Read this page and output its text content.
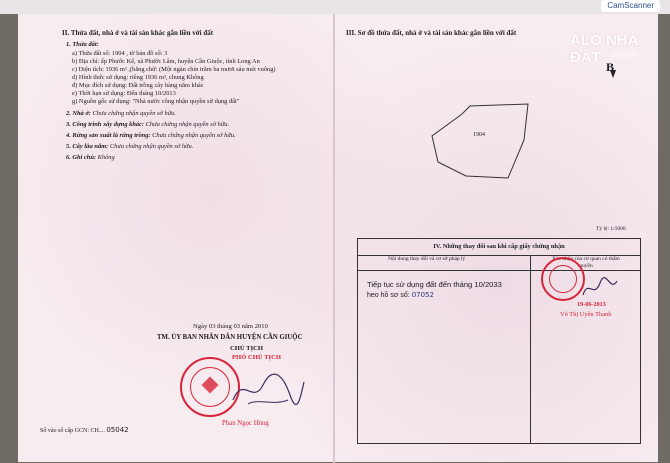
CamScanner
II. Thửa đất, nhà ở và tài sản khác gắn liền với đất
1. Thửa đất:
a) Thửa đất số: 1904 , tờ bản đồ số: 3
b) Địa chỉ: ấp Phước Kế, xã Phước Lâm, huyện Cần Giuộc, tỉnh Long An
c) Diện tích: 1936 m² ,(bằng chữ: (Một ngàn chín trăm ba mươi sáu mét vuông)
d) Hình thức sử dụng: riêng 1936 m², chung Không
đ) Mục đích sử dụng: Đất trồng cây hàng năm khác
e) Thời hạn sử dụng: Đến tháng 10/2013
g) Nguồn gốc sử dụng: "Nhà nước công nhận quyền sử dụng đất"
2. Nhà ở: Chưa chứng nhận quyền sở hữu.
3. Công trình xây dựng khác: Chưa chứng nhận quyền sở hữu.
4. Rừng sản xuất là rừng trồng: Chưa chứng nhận quyền sở hữu.
5. Cây lâu năm: Chưa chứng nhận quyền sở hữu.
6. Ghi chú: Không
Ngày 03 tháng 03 năm 2010
TM. ỦY BAN NHÂN DÂN HUYỆN CẦN GIUỘC
CHỦ TỊCH
PHÓ CHỦ TỊCH
Phan Ngọc Hùng
Số vào sổ cấp GCN: CH.... 05042
III. Sơ đồ thửa đất, nhà ở và tài sản khác gắn liền với đất
1904
B
Tỷ lệ: 1/1000
IV. Những thay đổi sau khi cấp giấy chứng nhận
Nội dung thay đổi và cơ sở pháp lý	Xác nhận của cơ quan có thẩm quyền
Tiếp tục sử dụng đất đến tháng 10/2033
heo hồ sơ số: 07052
19-06-2013
Võ Thị Uyên Thanh
ALO NHÀ ĐẤT	.com.vn
